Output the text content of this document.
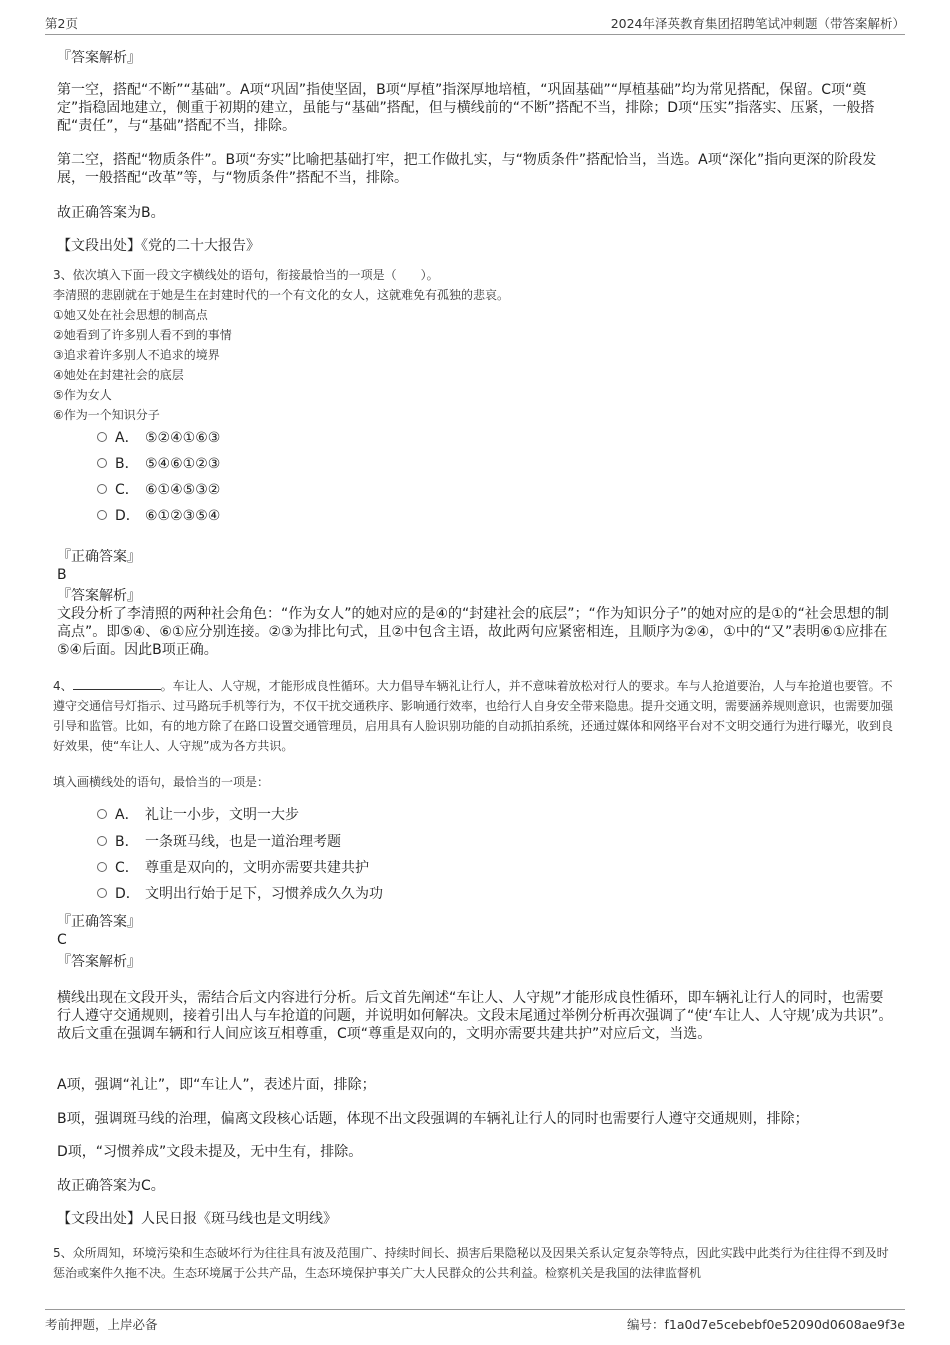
第2页	2024年泽英教育集团招聘笔试冲刺题（带答案解析）
『答案解析』

第一空，搭配“不断”“基础”。A项“巩固”指使坚固，B项“厚植”指深厚地培植，“巩固基础”“厚植基础”均为常见搭配，保留。C项“奠定”指稳固地建立，侧重于初期的建立，虽能与“基础”搭配，但与横线前的“不断”搭配不当，排除；D项“压实”指落实、压紧，一般搭配“责任”，与“基础”搭配不当，排除。

第二空，搭配“物质条件”。B项“夯实”比喻把基础打牢，把工作做扎实，与“物质条件”搭配恰当，当选。A项“深化”指向更深的阶段发展，一般搭配“改革”等，与“物质条件”搭配不当，排除。

故正确答案为B。
【文段出处】《党的二十大报告》
3、依次填入下面一段文字横线处的语句，衔接最恰当的一项是（　　）。
李清照的悲剧就在于她是生在封建时代的一个有文化的女人，这就难免有孤独的悲哀。
①她又处在社会思想的制高点
②她看到了许多别人看不到的事情
③追求着许多别人不追求的境界
④她处在封建社会的底层
⑤作为女人
⑥作为一个知识分子
A． ⑤②④①⑥③
B． ⑤④⑥①②③
C． ⑥①④⑤③②
D． ⑥①②③⑤④
『正确答案』
B
『答案解析』

文段分析了李清照的两种社会角色：“作为女人”的她对应的是④的“封建社会的底层”；“作为知识分子”的她对应的是①的“社会思想的制高点”。即⑤④、⑥①应分别连接。②③为排比句式，且②中包含主语，故此两句应紧密相连，且顺序为②④，①中的“又”表明⑥①应排在⑤④后面。因此B项正确。

4、	。车让人、人守规，才能形成良性循环。大力倡导车辆礼让行人，并不意味着放松对行人的要求。车与人抢道要治，人与车抢道也要管。不遵守交通信号灯指示、过马路玩手机等行为，不仅干扰交通秩序、影响通行效率，也给行人自身安全带来隐患。提升交通文明，需要涵养规则意识，也需要加强引导和监管。比如，有的地方除了在路口设置交通管理员，启用具有人脸识别功能的自动抓拍系统，还通过媒体和网络平台对不文明交通行为进行曝光，收到良好效果，使“车让人、人守规”成为各方共识。
填入画横线处的语句，最恰当的一项是：
A． 礼让一小步，文明一大步
B． 一条斑马线，也是一道治理考题
C． 尊重是双向的，文明亦需要共建共护
D． 文明出行始于足下，习惯养成久久为功
『正确答案』
C
『答案解析』

横线出现在文段开头，需结合后文内容进行分析。后文首先阐述“车让人、人守规”才能形成良性循环，即车辆礼让行人的同时，也需要行人遵守交通规则，接着引出人与车抢道的问题，并说明如何解决。文段末尾通过举例分析再次强调了“使‘车让人、人守规’成为共识”。故后文重在强调车辆和行人间应该互相尊重，C项“尊重是双向的，文明亦需要共建共护”对应后文，当选。

A项，强调“礼让”，即“车让人”，表述片面，排除；
B项，强调斑马线的治理，偏离文段核心话题，体现不出文段强调的车辆礼让行人的同时也需要行人遵守交通规则，排除；
D项，“习惯养成”文段未提及，无中生有，排除。
故正确答案为C。
【文段出处】人民日报《斑马线也是文明线》

5、众所周知，环境污染和生态破坏行为往往具有波及范围广、持续时间长、损害后果隐秘以及因果关系认定复杂等特点，因此实践中此类行为往往得不到及时惩治或案件久拖不决。生态环境属于公共产品，生态环境保护事关广大人民群众的公共利益。检察机关是我国的法律监督机

考前押题，上岸必备	编号：f1a0d7e5cebebf0e52090d0608ae9f3e
